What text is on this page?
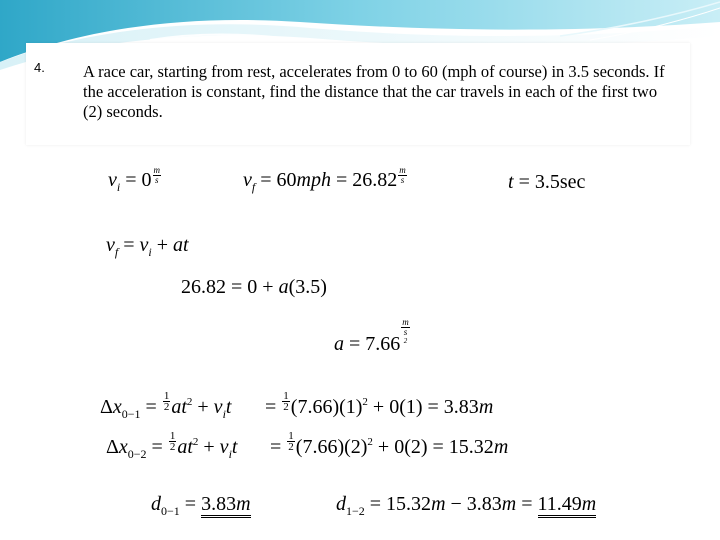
4. A race car, starting from rest, accelerates from 0 to 60 (mph of course) in 3.5 seconds. If the acceleration is constant, find the distance that the car travels in each of the first two (2) seconds.
$v_i = 0 \frac{m}{s}$	$v_f = 60mph = 26.82 \frac{m}{s}$	t = 3.5sec
$v_f = v_i$ + at
26.82 = 0 + a(3.5)
a = 7.66 m
s
$^2$
$\Delta x_{0-1} = \frac{1}{2} at^2 + v_it = \frac{1}{2} (7.66)(1)^2 + 0(1) = 3.83m$
$\Delta x_{0-2} = \frac{1}{2} at^2 + v_it = \frac{1}{2} (7.66)(2)^2 + 0(2) = 15.32m$
$d_{0-1} = 3.83m$	$d_{1-2} = 15.32m - 3.83m = 11.49m$
